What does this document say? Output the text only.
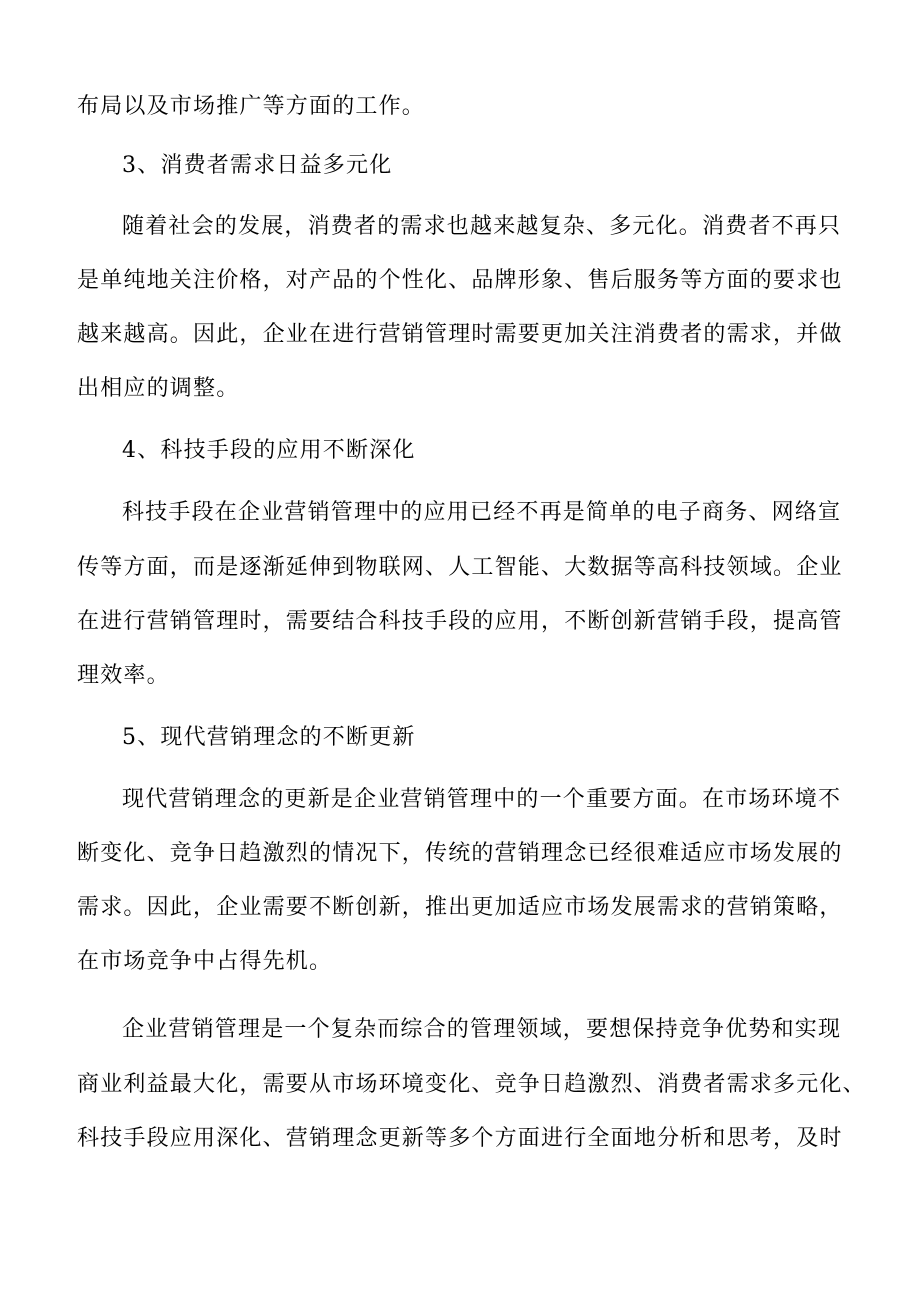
布局以及市场推广等方面的工作。
3、消费者需求日益多元化
随着社会的发展，消费者的需求也越来越复杂、多元化。消费者不再只
是单纯地关注价格，对产品的个性化、品牌形象、售后服务等方面的要求也
越来越高。因此，企业在进行营销管理时需要更加关注消费者的需求，并做
出相应的调整。
4、科技手段的应用不断深化
科技手段在企业营销管理中的应用已经不再是简单的电子商务、网络宣
传等方面，而是逐渐延伸到物联网、人工智能、大数据等高科技领域。企业
在进行营销管理时，需要结合科技手段的应用，不断创新营销手段，提高管
理效率。
5、现代营销理念的不断更新
现代营销理念的更新是企业营销管理中的一个重要方面。在市场环境不
断变化、竞争日趋激烈的情况下，传统的营销理念已经很难适应市场发展的
需求。因此，企业需要不断创新，推出更加适应市场发展需求的营销策略，
在市场竞争中占得先机。
企业营销管理是一个复杂而综合的管理领域，要想保持竞争优势和实现
商业利益最大化，需要从市场环境变化、竞争日趋激烈、消费者需求多元化、
科技手段应用深化、营销理念更新等多个方面进行全面地分析和思考，及时
